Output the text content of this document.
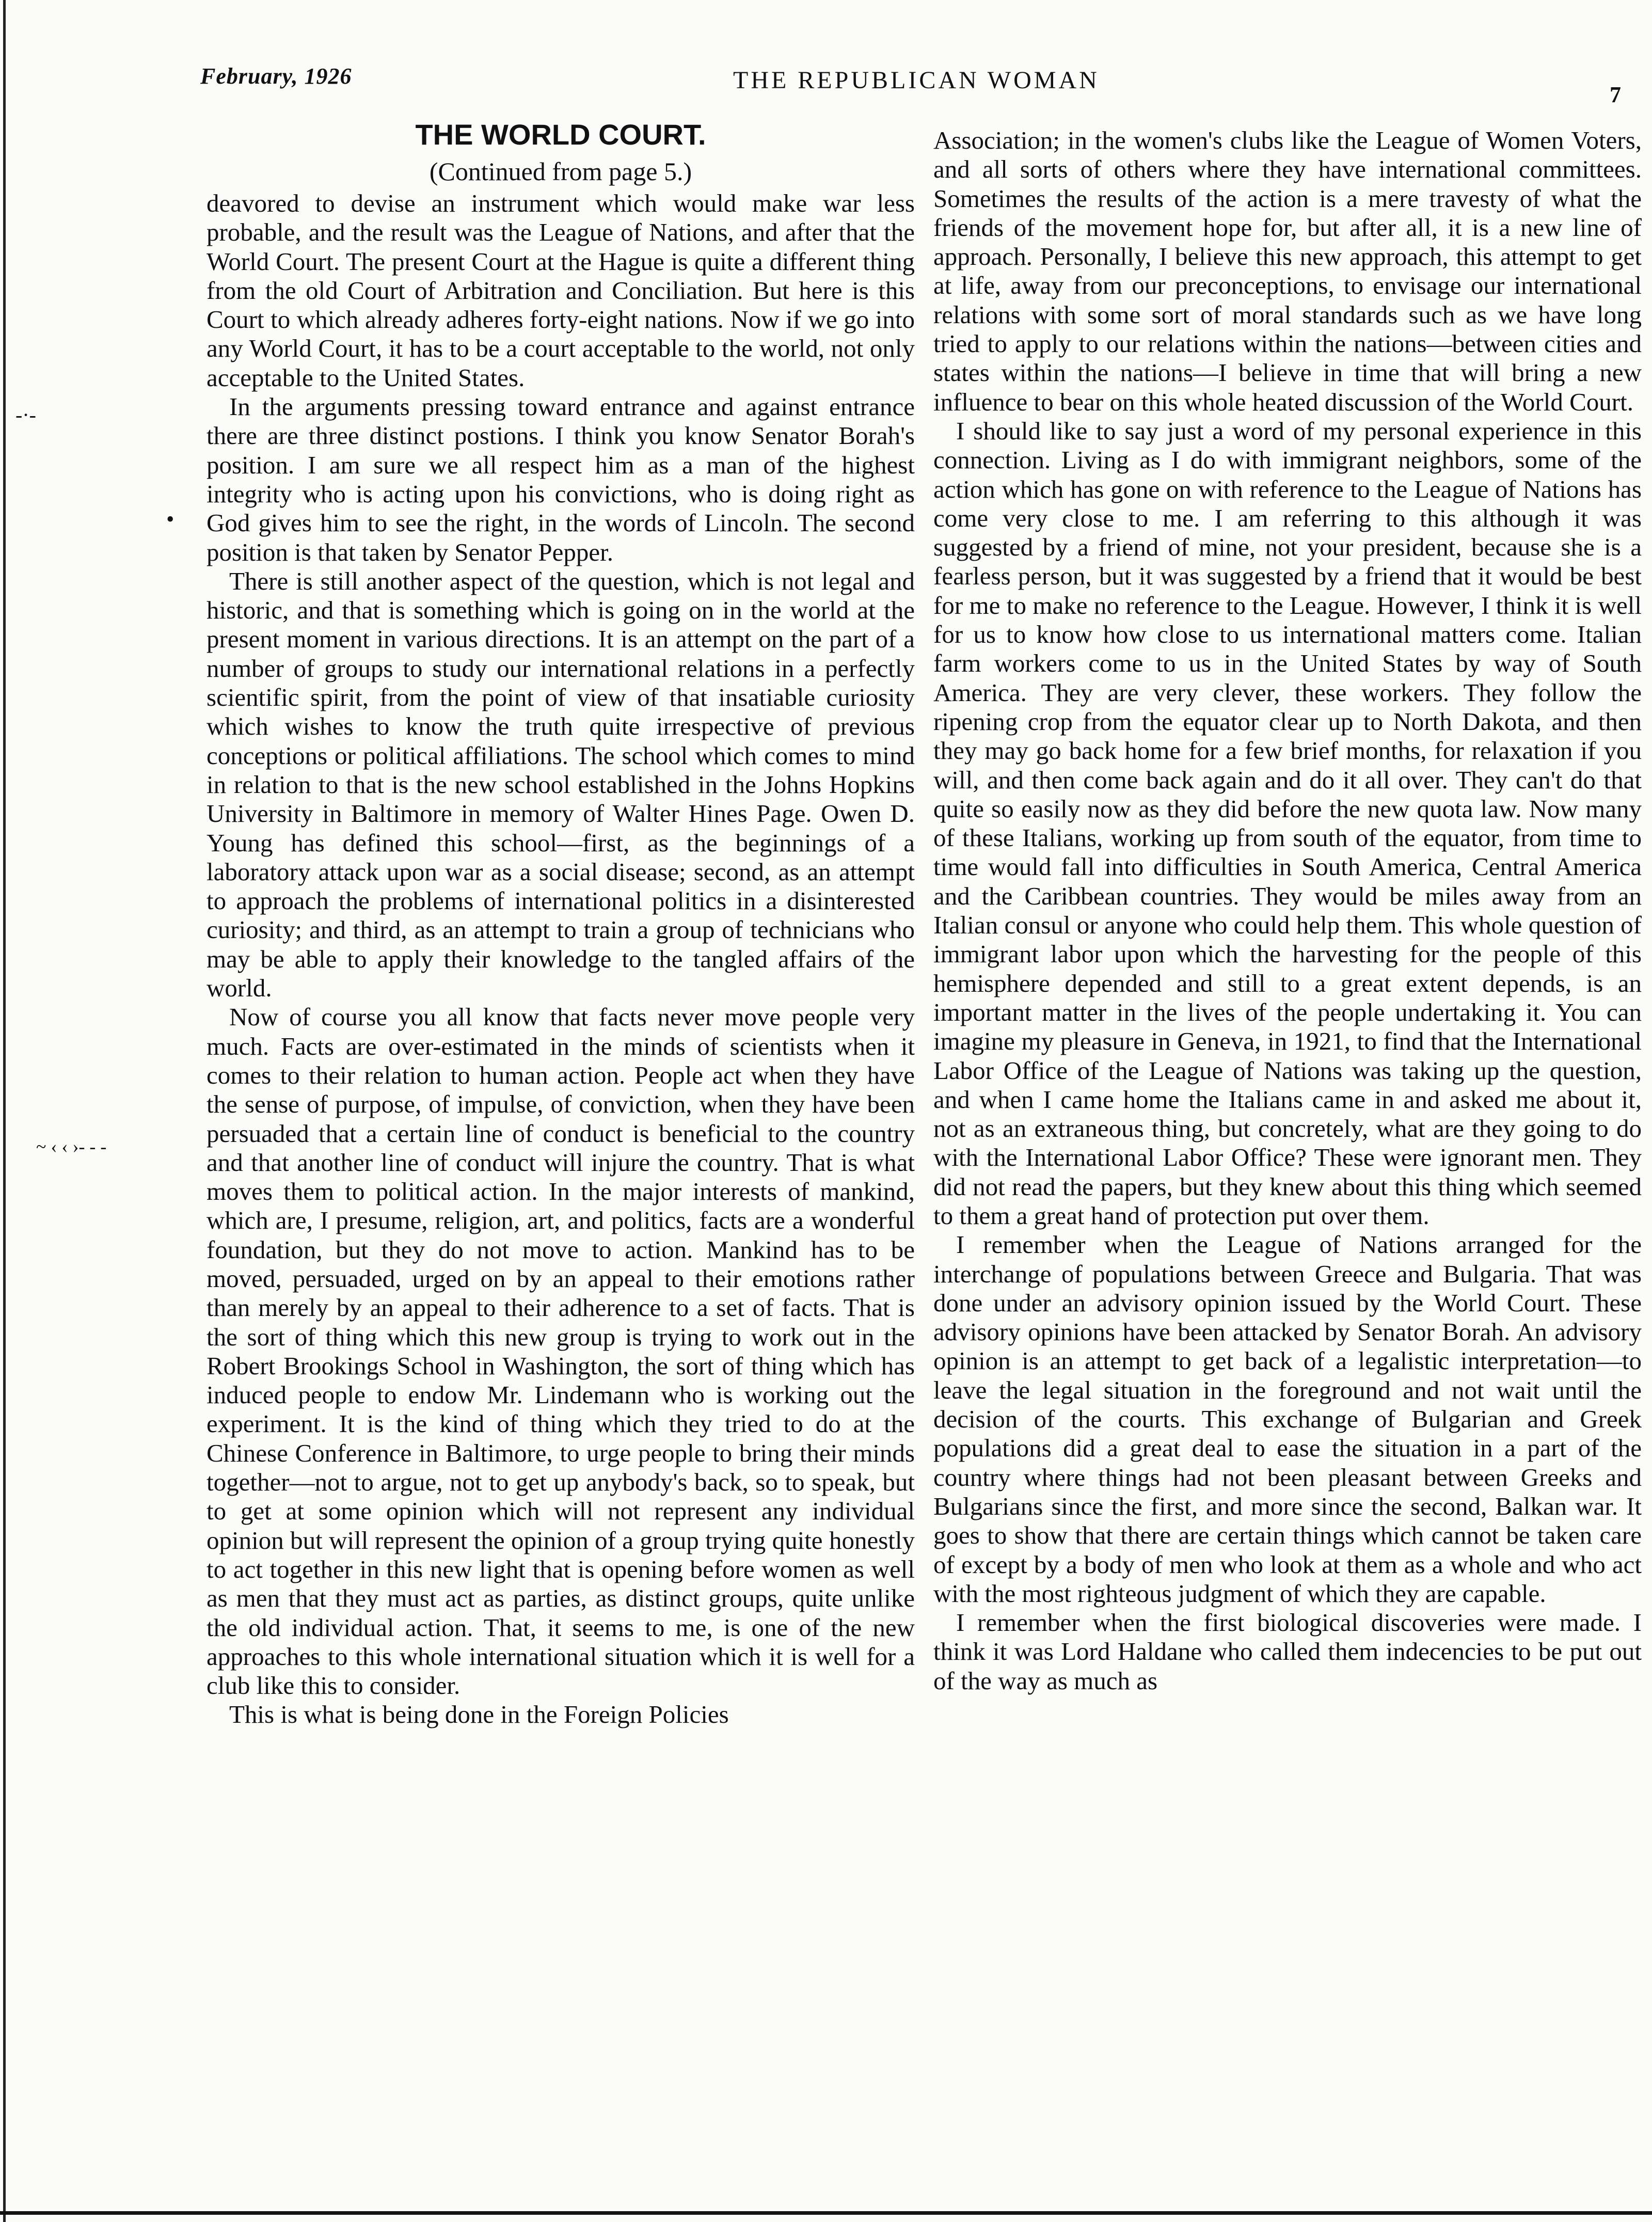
-·-
•
~ ‹ ‹ ›- - -
February, 1926	THE REPUBLICAN WOMAN
7
THE WORLD COURT.
(Continued from page 5.)

deavored to devise an instrument which would make war less probable, and the result was the League of Nations, and after that the World Court. The present Court at the Hague is quite a different thing from the old Court of Arbitration and Conciliation. But here is this Court to which already adheres forty-eight nations. Now if we go into any World Court, it has to be a court acceptable to the world, not only acceptable to the United States.

In the arguments pressing toward entrance and against entrance there are three distinct postions. I think you know Senator Borah's position. I am sure we all respect him as a man of the highest integrity who is acting upon his convictions, who is doing right as God gives him to see the right, in the words of Lincoln. The second position is that taken by Senator Pepper.

There is still another aspect of the question, which is not legal and historic, and that is something which is going on in the world at the present moment in various directions. It is an attempt on the part of a number of groups to study our international relations in a perfectly scientific spirit, from the point of view of that insatiable curiosity which wishes to know the truth quite irrespective of previous conceptions or political affiliations. The school which comes to mind in relation to that is the new school established in the Johns Hopkins University in Baltimore in memory of Walter Hines Page. Owen D. Young has defined this school—first, as the beginnings of a laboratory attack upon war as a social disease; second, as an attempt to approach the problems of international politics in a disinterested curiosity; and third, as an attempt to train a group of technicians who may be able to apply their knowledge to the tangled affairs of the world.

Now of course you all know that facts never move people very much. Facts are over-estimated in the minds of scientists when it comes to their relation to human action. People act when they have the sense of purpose, of impulse, of conviction, when they have been persuaded that a certain line of conduct is beneficial to the country and that another line of conduct will injure the country. That is what moves them to political action. In the major interests of mankind, which are, I presume, religion, art, and politics, facts are a wonderful foundation, but they do not move to action. Mankind has to be moved, persuaded, urged on by an appeal to their emotions rather than merely by an appeal to their adherence to a set of facts. That is the sort of thing which this new group is trying to work out in the Robert Brookings School in Washington, the sort of thing which has induced people to endow Mr. Lindemann who is working out the experiment. It is the kind of thing which they tried to do at the Chinese Conference in Baltimore, to urge people to bring their minds together—not to argue, not to get up anybody's back, so to speak, but to get at some opinion which will not represent any individual opinion but will represent the opinion of a group trying quite honestly to act together in this new light that is opening before women as well as men that they must act as parties, as distinct groups, quite unlike the old individual action. That, it seems to me, is one of the new approaches to this whole international situation which it is well for a club like this to consider.

This is what is being done in the Foreign Policies

Association; in the women's clubs like the League of Women Voters, and all sorts of others where they have international committees. Sometimes the results of the action is a mere travesty of what the friends of the movement hope for, but after all, it is a new line of approach. Personally, I believe this new approach, this attempt to get at life, away from our preconceptions, to envisage our international relations with some sort of moral standards such as we have long tried to apply to our relations within the nations—between cities and states within the nations—I believe in time that will bring a new influence to bear on this whole heated discussion of the World Court.

I should like to say just a word of my personal experience in this connection. Living as I do with immigrant neighbors, some of the action which has gone on with reference to the League of Nations has come very close to me. I am referring to this although it was suggested by a friend of mine, not your president, because she is a fearless person, but it was suggested by a friend that it would be best for me to make no reference to the League. However, I think it is well for us to know how close to us international matters come. Italian farm workers come to us in the United States by way of South America. They are very clever, these workers. They follow the ripening crop from the equator clear up to North Dakota, and then they may go back home for a few brief months, for relaxation if you will, and then come back again and do it all over. They can't do that quite so easily now as they did before the new quota law. Now many of these Italians, working up from south of the equator, from time to time would fall into difficulties in South America, Central America and the Caribbean countries. They would be miles away from an Italian consul or anyone who could help them. This whole question of immigrant labor upon which the harvesting for the people of this hemisphere depended and still to a great extent depends, is an important matter in the lives of the people undertaking it. You can imagine my pleasure in Geneva, in 1921, to find that the International Labor Office of the League of Nations was taking up the question, and when I came home the Italians came in and asked me about it, not as an extraneous thing, but concretely, what are they going to do with the International Labor Office? These were ignorant men. They did not read the papers, but they knew about this thing which seemed to them a great hand of protection put over them.

I remember when the League of Nations arranged for the interchange of populations between Greece and Bulgaria. That was done under an advisory opinion issued by the World Court. These advisory opinions have been attacked by Senator Borah. An advisory opinion is an attempt to get back of a legalistic interpretation—to leave the legal situation in the foreground and not wait until the decision of the courts. This exchange of Bulgarian and Greek populations did a great deal to ease the situation in a part of the country where things had not been pleasant between Greeks and Bulgarians since the first, and more since the second, Balkan war. It goes to show that there are certain things which cannot be taken care of except by a body of men who look at them as a whole and who act with the most righteous judgment of which they are capable.

I remember when the first biological discoveries were made. I think it was Lord Haldane who called them indecencies to be put out of the way as much as
